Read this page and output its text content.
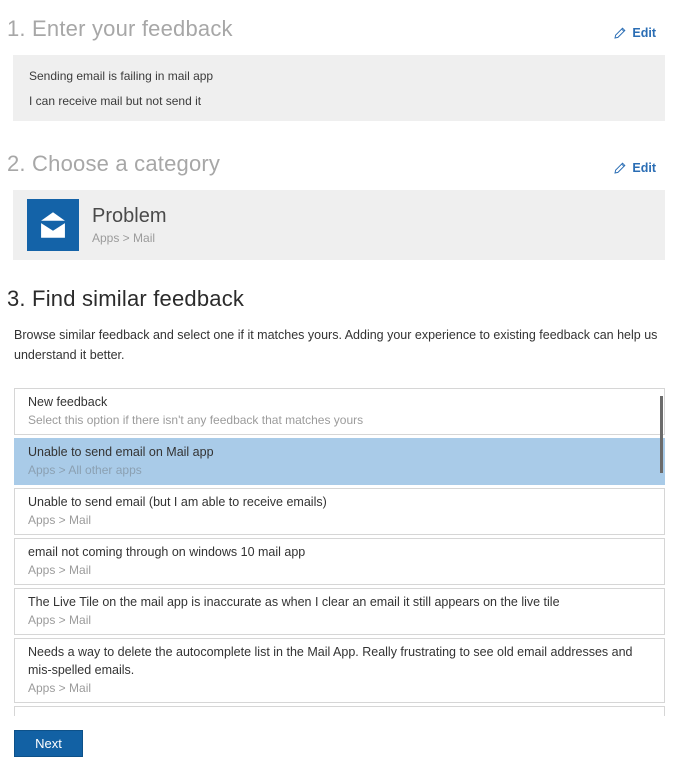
1. Enter your feedback	Edit
Sending email is failing in mail app
I can receive mail but not send it
2. Choose a category	Edit
Problem
Apps > Mail
3. Find similar feedback

Browse similar feedback and select one if it matches yours. Adding your experience to existing feedback can help us understand it better.

New feedback
Select this option if there isn't any feedback that matches yours
Unable to send email on Mail app
Apps > All other apps
Unable to send email (but I am able to receive emails)
Apps > Mail
email not coming through on windows 10 mail app
Apps > Mail
The Live Tile on the mail app is inaccurate as when I clear an email it still appears on the live tile
Apps > Mail
Needs a way to delete the autocomplete list in the Mail App. Really frustrating to see old email addresses and mis-spelled emails.
Apps > Mail
Next
